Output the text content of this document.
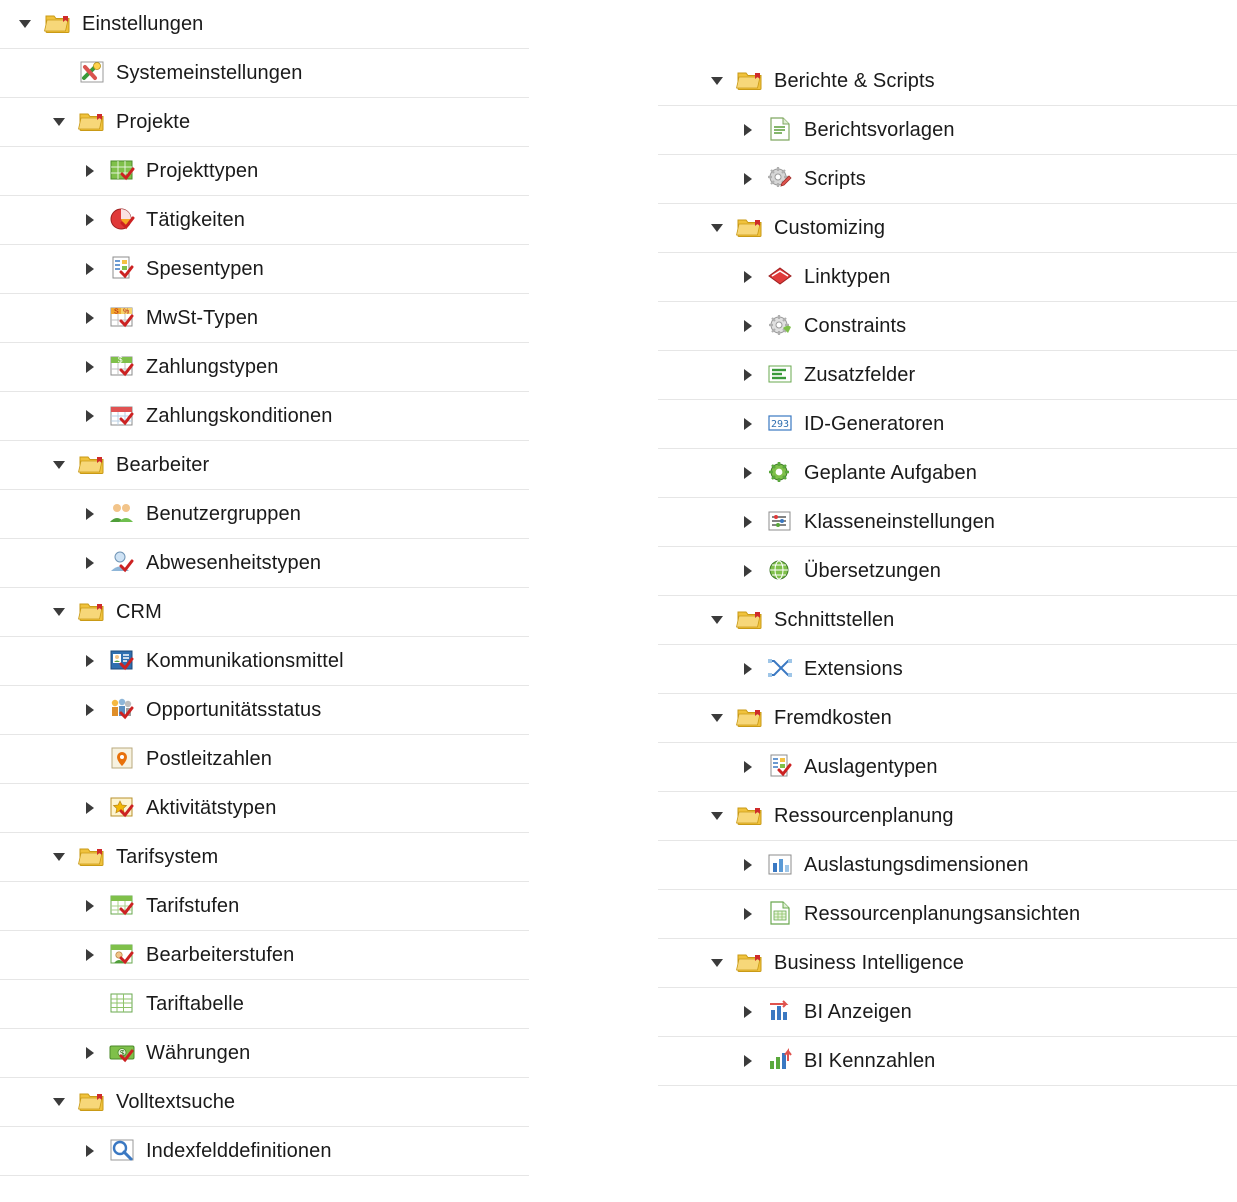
Einstellungen
Systemeinstellungen
Projekte
Projekttypen
Tätigkeiten
Spesentypen
S % MwSt-Typen
$ Zahlungstypen
Zahlungskonditionen
Bearbeiter
Benutzergruppen
Abwesenheitstypen
CRM
Kommunikationsmittel
Opportunitätsstatus
Postleitzahlen
Aktivitätstypen
Tarifsystem
Tarifstufen
Bearbeiterstufen
Tariftabelle
$ Währungen
Volltextsuche
Indexfelddefinitionen
Berichte & Scripts
Berichtsvorlagen
Scripts
Customizing
Linktypen
Constraints
Zusatzfelder
293 ID-Generatoren
Geplante Aufgaben
Klasseneinstellungen
Übersetzungen
Schnittstellen
Extensions
Fremdkosten
Auslagentypen
Ressourcenplanung
Auslastungsdimensionen
Ressourcenplanungsansichten
Business Intelligence
BI Anzeigen
BI Kennzahlen
